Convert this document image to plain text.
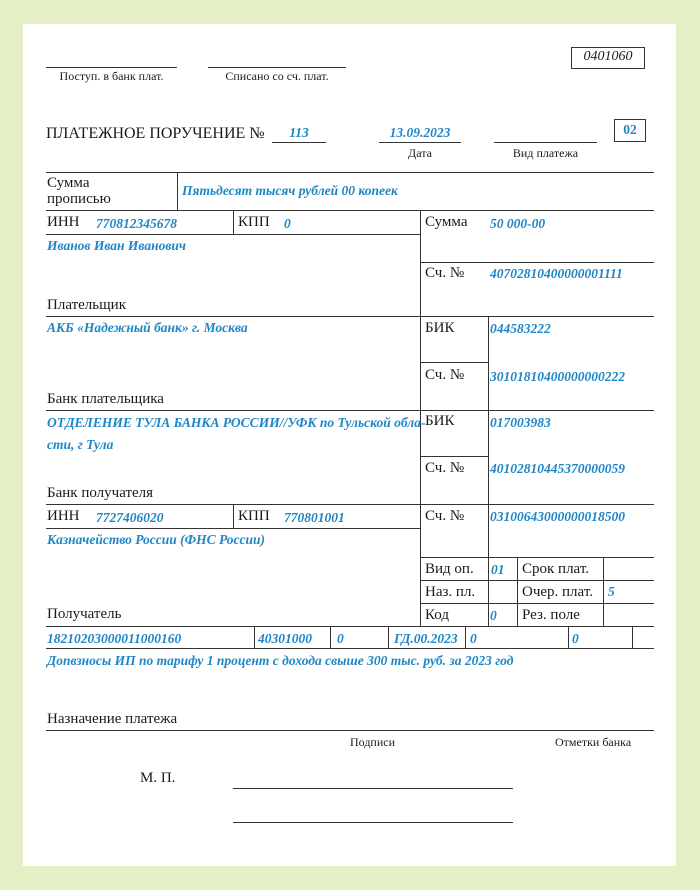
0401060
Поступ. в банк плат.	Списано со сч. плат.
ПЛАТЕЖНОЕ ПОРУЧЕНИЕ №	113	13.09.2023
Дата	Вид платежа
02
Сумма
прописью
Пятьдесят тысяч рублей 00 копеек
ИНН 770812345678	КПП 0	Сумма 50 000-00
Иванов Иван Иванович
Сч. № 40702810400000001111
Плательщик
АКБ «Надежный банк» г. Москва	БИК	044583222
Сч. № 30101810400000000222
Банк плательщика
ОТДЕЛЕНИЕ ТУЛА БАНКА РОССИИ//УФК по Тульской обла-
сти, г Тула
БИК	017003983
Сч. № 40102810445370000059
Банк получателя
ИНН 7727406020	КПП 770801001	Сч. № 03100643000000018500
Казначейство России (ФНС России)
Получатель
Вид оп. 01 Срок плат.
Наз. пл.	Очер. плат. 5
Код	0 Рез. поле
18210203000011000160	40301000 0	ГД.00.2023 0	0
Допвзносы ИП по тарифу 1 процент с дохода свыше 300 тыс. руб. за 2023 год
Назначение платежа
Подписи	Отметки банка
М. П.
